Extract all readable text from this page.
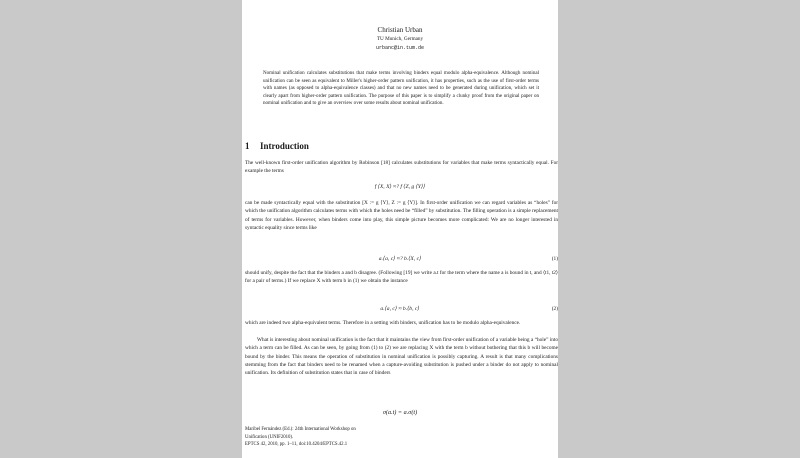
Christian Urban
TU Munich, Germany
urbanc@in.tum.de
Nominal unification calculates substitutions that make terms involving binders equal modulo alpha-equivalence. Although nominal unification can be seen as equivalent to Miller's higher-order pattern unification, it has properties, such as the use of first-order terms with names (as opposed to alpha-equivalence classes) and that no new names need to be generated during unification, which set it clearly apart from higher-order pattern unification. The purpose of this paper is to simplify a clunky proof from the original paper on nominal unification and to give an overview over some results about nominal unification.
1 Introduction
The well-known first-order unification algorithm by Robinson [18] calculates substitutions for variables that make terms syntactically equal. For example the terms
f ⟨X, X⟩ ≈? f ⟨Z, g ⟨Y⟩⟩
can be made syntactically equal with the substitution [X := g ⟨Y⟩, Z := g ⟨Y⟩]. In first-order unification we can regard variables as “holes” for which the unification algorithm calculates terms with which the holes need be “filled” by substitution. The filling operation is a simple replacement of terms for variables. However, when binders come into play, this simple picture becomes more complicated: We are no longer interested in syntactic equality since terms like
a.⟨a, c⟩ ≈? b.⟨X, c⟩	(1)
should unify, despite the fact that the binders a and b disagree. (Following [19] we write a.t for the term where the name a is bound in t, and ⟨t1, t2⟩ for a pair of terms.) If we replace X with term b in (1) we obtain the instance
a.⟨a, c⟩ ≈ b.⟨b, c⟩	(2)
which are indeed two alpha-equivalent terms. Therefore in a setting with binders, unification has to be modulo alpha-equivalence.
What is interesting about nominal unification is the fact that it maintains the view from first-order unification of a variable being a “hole” into which a term can be filled. As can be seen, by going from (1) to (2) we are replacing X with the term b without bothering that this b will become bound by the binder. This means the operation of substitution in nominal unification is possibly capturing. A result is that many complications stemming from the fact that binders need to be renamed when a capture-avoiding substitution is pushed under a binder do not apply to nominal unification. Its definition of substitution states that in case of binders
σ(a.t) = a.σ(t)
Maribel Fernández (Ed.): 24th International Workshop on
Unification (UNIF2010).
EPTCS 42, 2010, pp. 1–11, doi:10.4204/EPTCS.42.1
